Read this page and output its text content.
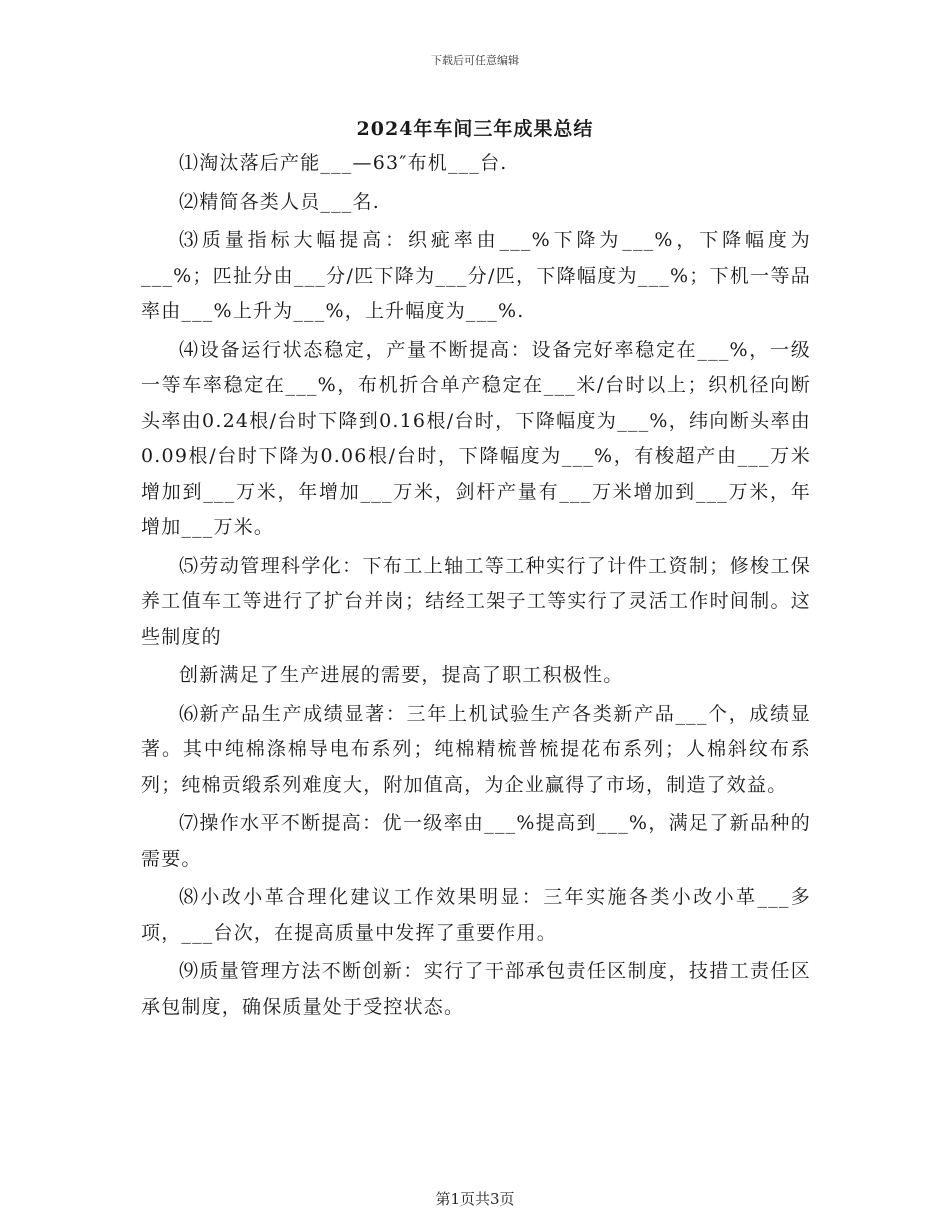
下载后可任意编辑
2024年车间三年成果总结

⑴淘汰落后产能___—63″布机___台.

⑵精简各类人员___名.

⑶质量指标大幅提高：织疵率由___%下降为___%，下降幅度为___%；匹扯分由___分/匹下降为___分/匹，下降幅度为___%；下机一等品率由___%上升为___%，上升幅度为___%.

⑷设备运行状态稳定，产量不断提高：设备完好率稳定在___%，一级一等车率稳定在___%，布机折合单产稳定在___米/台时以上；织机径向断头率由0.24根/台时下降到0.16根/台时，下降幅度为___%，纬向断头率由0.09根/台时下降为0.06根/台时，下降幅度为___%，有梭超产由___万米增加到___万米，年增加___万米，剑杆产量有___万米增加到___万米，年增加___万米。

⑸劳动管理科学化：下布工上轴工等工种实行了计件工资制；修梭工保养工值车工等进行了扩台并岗；结经工架子工等实行了灵活工作时间制。这些制度的

创新满足了生产进展的需要，提高了职工积极性。

⑹新产品生产成绩显著：三年上机试验生产各类新产品___个，成绩显著。其中纯棉涤棉导电布系列；纯棉精梳普梳提花布系列；人棉斜纹布系列；纯棉贡缎系列难度大，附加值高，为企业赢得了市场，制造了效益。

⑺操作水平不断提高：优一级率由___%提高到___%，满足了新品种的需要。

⑻小改小革合理化建议工作效果明显：三年实施各类小改小革___多项，___台次，在提高质量中发挥了重要作用。

⑼质量管理方法不断创新：实行了干部承包责任区制度，技措工责任区承包制度，确保质量处于受控状态。

第1页共3页
